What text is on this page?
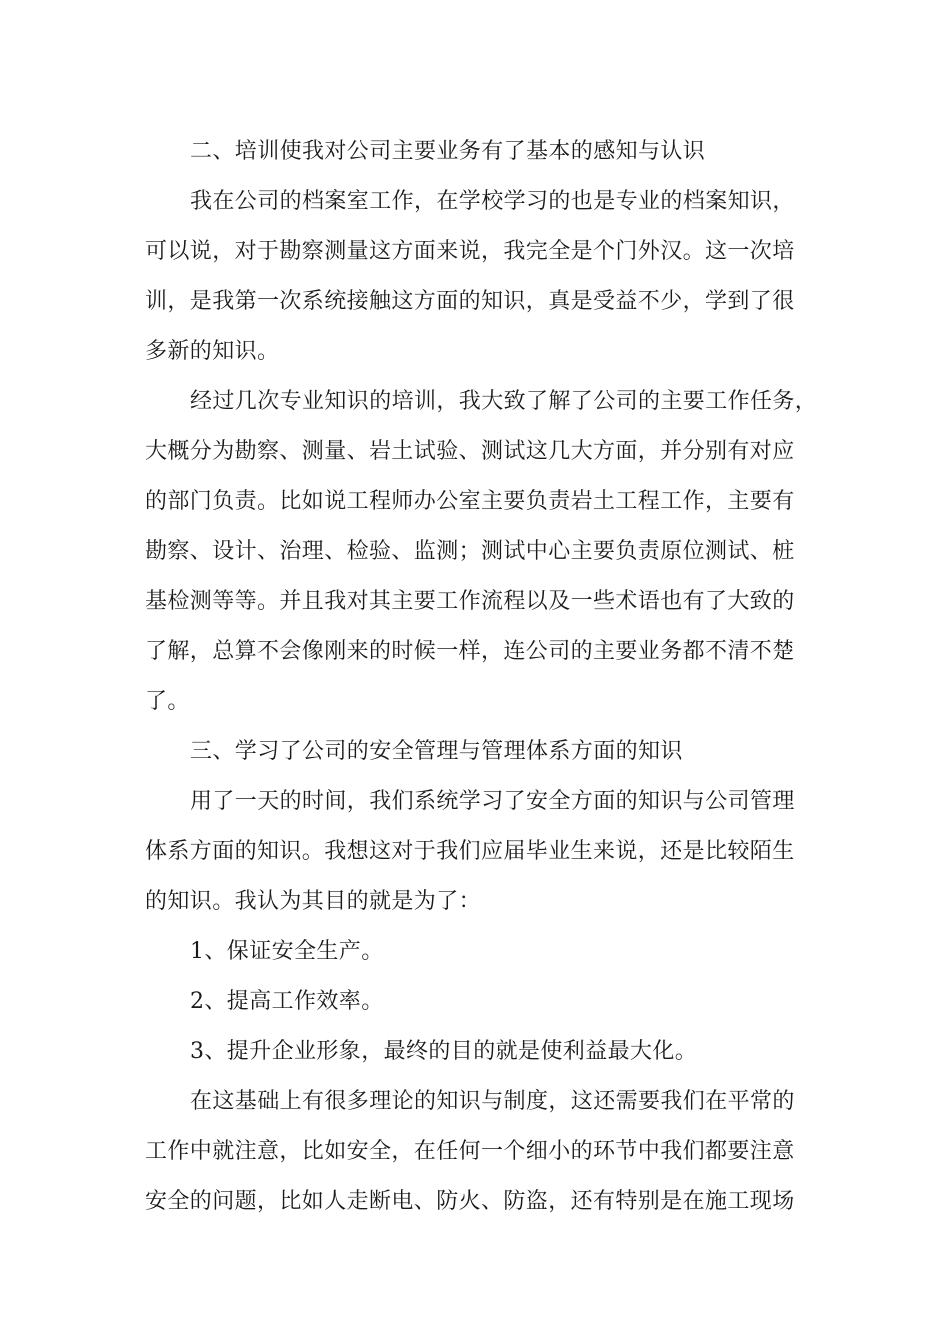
二、培训使我对公司主要业务有了基本的感知与认识
我在公司的档案室工作，在学校学习的也是专业的档案知识，
可以说，对于勘察测量这方面来说，我完全是个门外汉。这一次培
训，是我第一次系统接触这方面的知识，真是受益不少，学到了很
多新的知识。
经过几次专业知识的培训，我大致了解了公司的主要工作任务，
大概分为勘察、测量、岩土试验、测试这几大方面，并分别有对应
的部门负责。比如说工程师办公室主要负责岩土工程工作，主要有
勘察、设计、治理、检验、监测；测试中心主要负责原位测试、桩
基检测等等。并且我对其主要工作流程以及一些术语也有了大致的
了解，总算不会像刚来的时候一样，连公司的主要业务都不清不楚
了。
三、学习了公司的安全管理与管理体系方面的知识
用了一天的时间，我们系统学习了安全方面的知识与公司管理
体系方面的知识。我想这对于我们应届毕业生来说，还是比较陌生
的知识。我认为其目的就是为了：
1、保证安全生产。
2、提高工作效率。
3、提升企业形象，最终的目的就是使利益最大化。
在这基础上有很多理论的知识与制度，这还需要我们在平常的
工作中就注意，比如安全，在任何一个细小的环节中我们都要注意
安全的问题，比如人走断电、防火、防盗，还有特别是在施工现场
